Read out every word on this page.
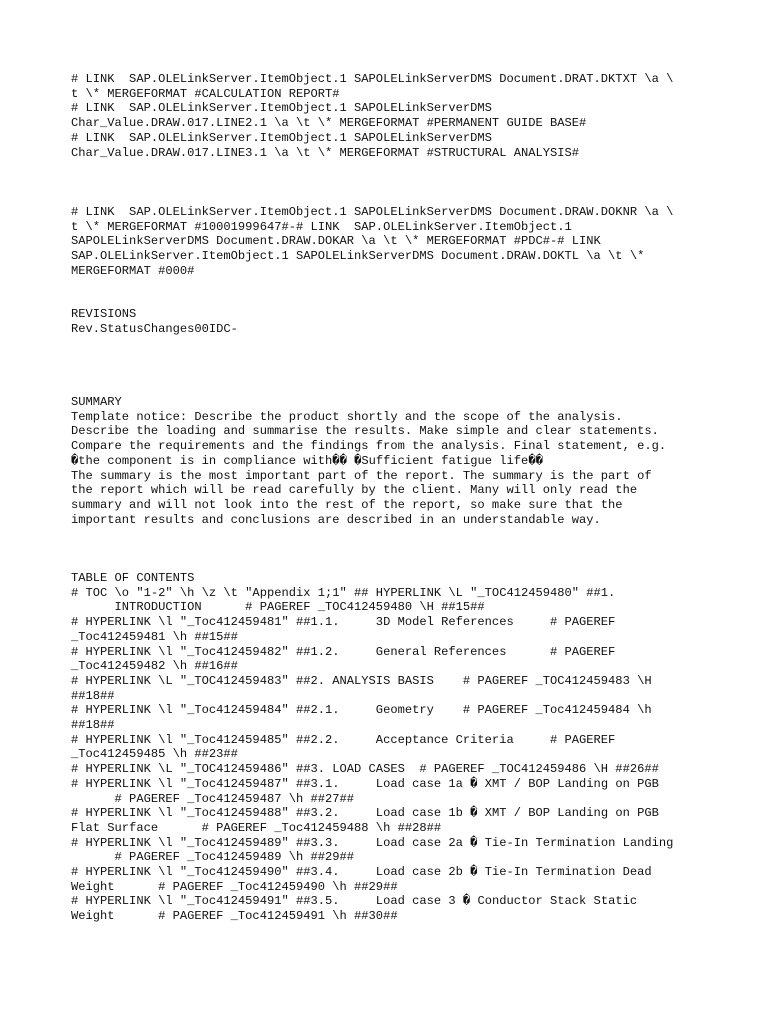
# LINK  SAP.OLELinkServer.ItemObject.1 SAPOLELinkServerDMS Document.DRAT.DKTXT \a \

t \* MERGEFORMAT #CALCULATION REPORT#

# LINK  SAP.OLELinkServer.ItemObject.1 SAPOLELinkServerDMS

Char_Value.DRAW.017.LINE2.1 \a \t \* MERGEFORMAT #PERMANENT GUIDE BASE#

# LINK  SAP.OLELinkServer.ItemObject.1 SAPOLELinkServerDMS

Char_Value.DRAW.017.LINE3.1 \a \t \* MERGEFORMAT #STRUCTURAL ANALYSIS#

# LINK  SAP.OLELinkServer.ItemObject.1 SAPOLELinkServerDMS Document.DRAW.DOKNR \a \

t \* MERGEFORMAT #10001999647#-# LINK  SAP.OLELinkServer.ItemObject.1

SAPOLELinkServerDMS Document.DRAW.DOKAR \a \t \* MERGEFORMAT #PDC#-# LINK

SAP.OLELinkServer.ItemObject.1 SAPOLELinkServerDMS Document.DRAW.DOKTL \a \t \*

MERGEFORMAT #000#

REVISIONS

Rev.StatusChanges00IDC-

SUMMARY

Template notice: Describe the product shortly and the scope of the analysis.

Describe the loading and summarise the results. Make simple and clear statements.

Compare the requirements and the findings from the analysis. Final statement, e.g.

�the component is in compliance with�� �Sufficient fatigue life��

The summary is the most important part of the report. The summary is the part of

the report which will be read carefully by the client. Many will only read the

summary and will not look into the rest of the report, so make sure that the

important results and conclusions are described in an understandable way.

TABLE OF CONTENTS

# TOC \o "1-2" \h \z \t "Appendix 1;1" ## HYPERLINK \L "_TOC412459480" ##1.

INTRODUCTION      # PAGEREF _TOC412459480 \H ##15##

# HYPERLINK \l "_Toc412459481" ##1.1.     3D Model References     # PAGEREF

_Toc412459481 \h ##15##

# HYPERLINK \l "_Toc412459482" ##1.2.     General References      # PAGEREF

_Toc412459482 \h ##16##

# HYPERLINK \L "_TOC412459483" ##2. ANALYSIS BASIS    # PAGEREF _TOC412459483 \H

##18##

# HYPERLINK \l "_Toc412459484" ##2.1.     Geometry    # PAGEREF _Toc412459484 \h

##18##

# HYPERLINK \l "_Toc412459485" ##2.2.     Acceptance Criteria     # PAGEREF

_Toc412459485 \h ##23##

# HYPERLINK \L "_TOC412459486" ##3. LOAD CASES  # PAGEREF _TOC412459486 \H ##26##

# HYPERLINK \l "_Toc412459487" ##3.1.     Load case 1a � XMT / BOP Landing on PGB

# PAGEREF _Toc412459487 \h ##27##

# HYPERLINK \l "_Toc412459488" ##3.2.     Load case 1b � XMT / BOP Landing on PGB

Flat Surface      # PAGEREF _Toc412459488 \h ##28##

# HYPERLINK \l "_Toc412459489" ##3.3.     Load case 2a � Tie-In Termination Landing

# PAGEREF _Toc412459489 \h ##29##

# HYPERLINK \l "_Toc412459490" ##3.4.     Load case 2b � Tie-In Termination Dead

Weight      # PAGEREF _Toc412459490 \h ##29##

# HYPERLINK \l "_Toc412459491" ##3.5.     Load case 3 � Conductor Stack Static

Weight      # PAGEREF _Toc412459491 \h ##30##
